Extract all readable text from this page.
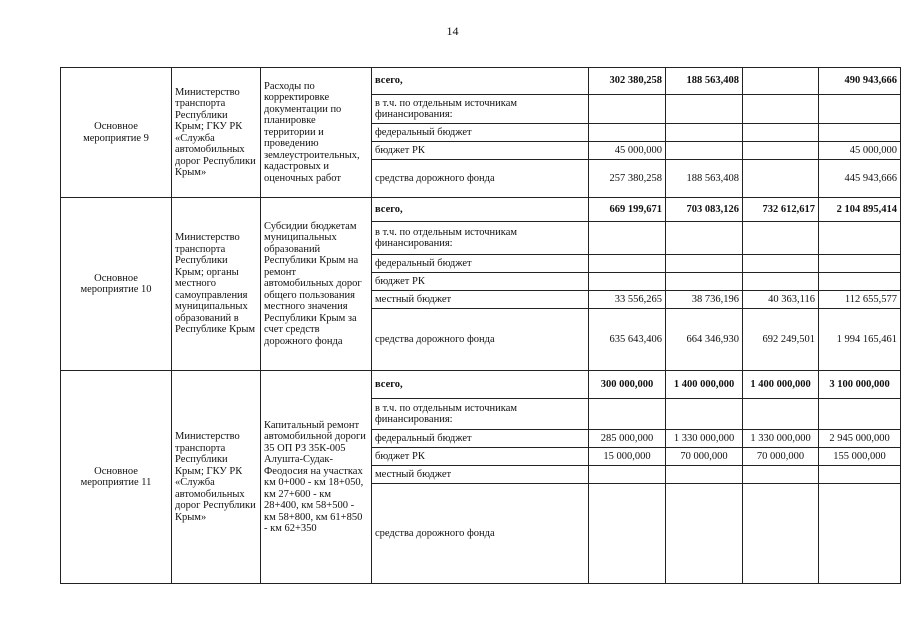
14
Основное мероприятие 9	Министерство транспорта Республики Крым; ГКУ РК «Служба автомобильных дорог Республики Крым»	Расходы по корректировке документации по планировке территории и проведению землеустроительных, кадастровых и оценочных работ	всего,	302 380,258	188 563,408		490 943,666
			в т.ч. по отдельным источникам финансирования:				
			федеральный бюджет				
			бюджет РК	45 000,000			45 000,000
			средства дорожного фонда	257 380,258	188 563,408		445 943,666
Основное мероприятие 10	Министерство транспорта Республики Крым; органы местного самоуправления муниципальных образований в Республике Крым	Субсидии бюджетам муниципальных образований Республики Крым на ремонт автомобильных дорог общего пользования местного значения Республики Крым за счет средств дорожного фонда	всего,	669 199,671	703 083,126	732 612,617	2 104 895,414
			в т.ч. по отдельным источникам финансирования:				
			федеральный бюджет				
			бюджет РК				
			местный бюджет	33 556,265	38 736,196	40 363,116	112 655,577
			средства дорожного фонда	635 643,406	664 346,930	692 249,501	1 994 165,461
Основное мероприятие 11	Министерство транспорта Республики Крым; ГКУ РК «Служба автомобильных дорог Республики Крым»	Капитальный ремонт автомобильной дороги 35 ОП РЗ 35К-005 Алушта-Судак-Феодосия на участках км 0+000 - км 18+050, км 27+600 - км 28+400, км 58+500 - км 58+800, км 61+850 - км 62+350	всего,	300 000,000	1 400 000,000	1 400 000,000	3 100 000,000
			в т.ч. по отдельным источникам финансирования:				
			федеральный бюджет	285 000,000	1 330 000,000	1 330 000,000	2 945 000,000
			бюджет РК	15 000,000	70 000,000	70 000,000	155 000,000
			местный бюджет				
			средства дорожного фонда				
